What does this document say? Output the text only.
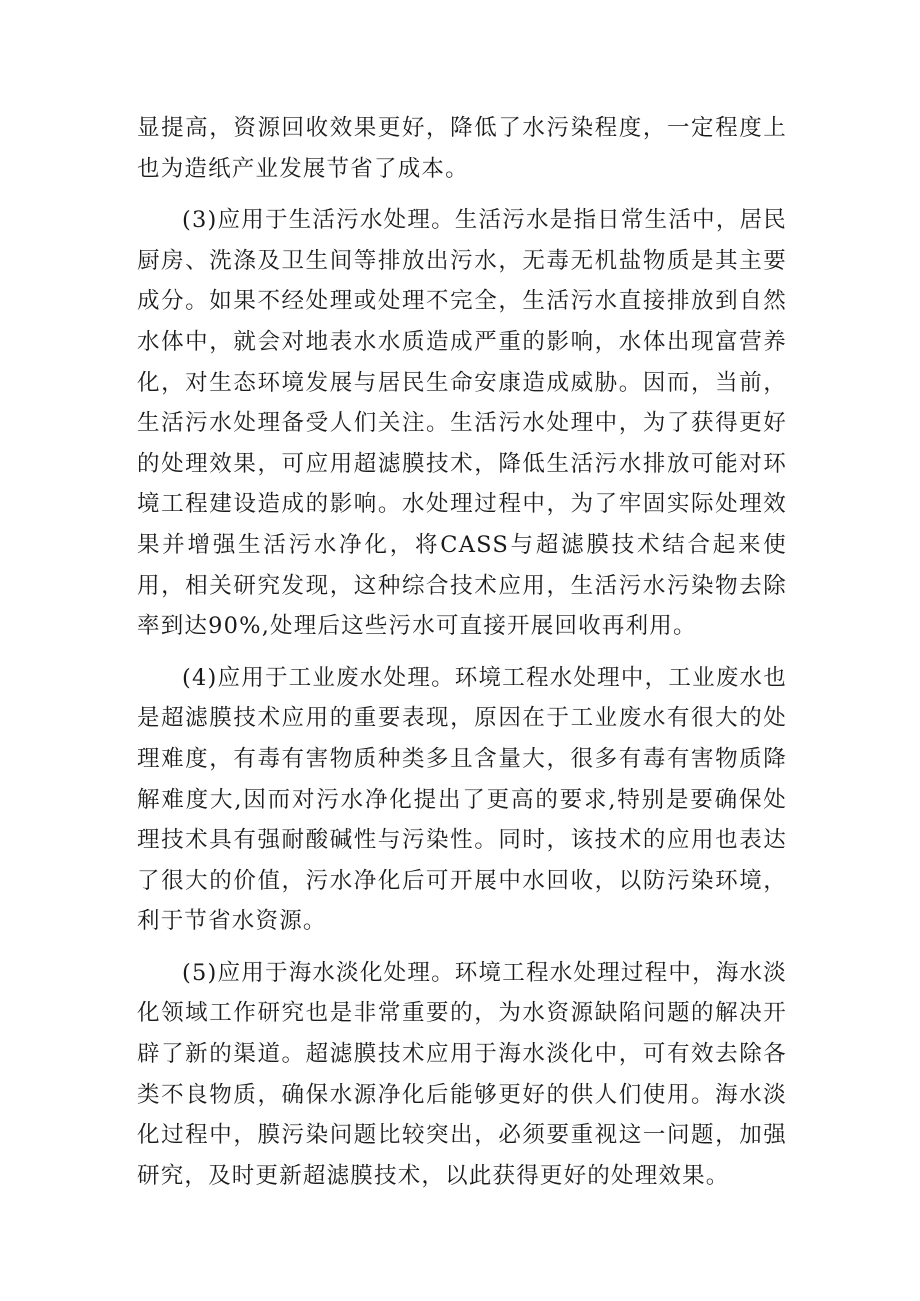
显提高，资源回收效果更好，降低了水污染程度，一定程度上也为造纸产业发展节省了成本。

(3)应用于生活污水处理。生活污水是指日常生活中，居民厨房、洗涤及卫生间等排放出污水，无毒无机盐物质是其主要成分。如果不经处理或处理不完全，生活污水直接排放到自然水体中，就会对地表水水质造成严重的影响，水体出现富营养化，对生态环境发展与居民生命安康造成威胁。因而，当前，生活污水处理备受人们关注。生活污水处理中，为了获得更好的处理效果，可应用超滤膜技术，降低生活污水排放可能对环境工程建设造成的影响。水处理过程中，为了牢固实际处理效果并增强生活污水净化，将CASS与超滤膜技术结合起来使用，相关研究发现，这种综合技术应用，生活污水污染物去除率到达90%,处理后这些污水可直接开展回收再利用。

(4)应用于工业废水处理。环境工程水处理中，工业废水也是超滤膜技术应用的重要表现，原因在于工业废水有很大的处理难度，有毒有害物质种类多且含量大，很多有毒有害物质降解难度大,因而对污水净化提出了更高的要求,特别是要确保处理技术具有强耐酸碱性与污染性。同时，该技术的应用也表达了很大的价值，污水净化后可开展中水回收，以防污染环境，利于节省水资源。

(5)应用于海水淡化处理。环境工程水处理过程中，海水淡化领域工作研究也是非常重要的，为水资源缺陷问题的解决开辟了新的渠道。超滤膜技术应用于海水淡化中，可有效去除各类不良物质，确保水源净化后能够更好的供人们使用。海水淡化过程中，膜污染问题比较突出，必须要重视这一问题，加强研究，及时更新超滤膜技术，以此获得更好的处理效果。
